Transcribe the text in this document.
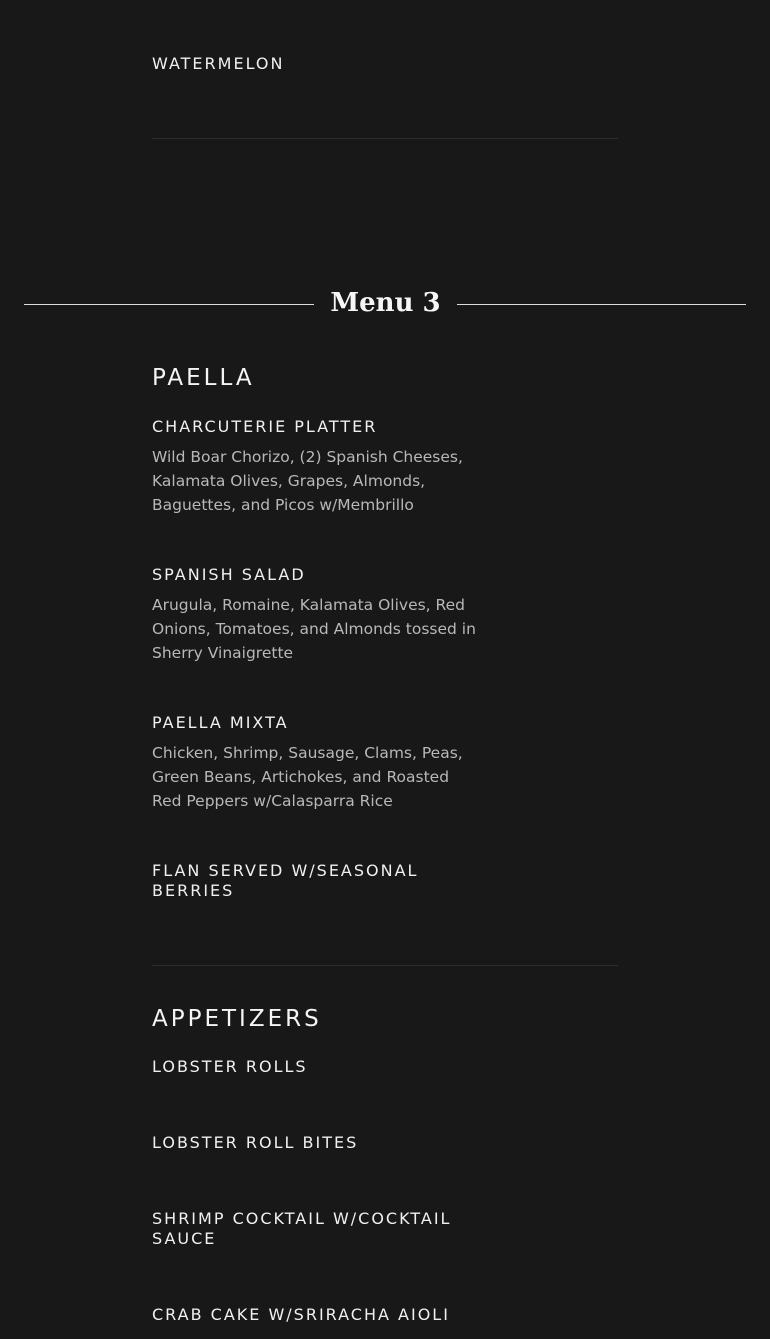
WATERMELON
Menu 3
PAELLA
CHARCUTERIE PLATTER

Wild Boar Chorizo, (2) Spanish Cheeses, Kalamata Olives, Grapes, Almonds, Baguettes, and Picos w/Membrillo

SPANISH SALAD

Arugula, Romaine, Kalamata Olives, Red Onions, Tomatoes, and Almonds tossed in Sherry Vinaigrette

PAELLA MIXTA

Chicken, Shrimp, Sausage, Clams, Peas, Green Beans, Artichokes, and Roasted Red Peppers w/Calasparra Rice

FLAN SERVED W/SEASONAL BERRIES
APPETIZERS
LOBSTER ROLLS
LOBSTER ROLL BITES
SHRIMP COCKTAIL W/COCKTAIL SAUCE
CRAB CAKE W/SRIRACHA AIOLI
